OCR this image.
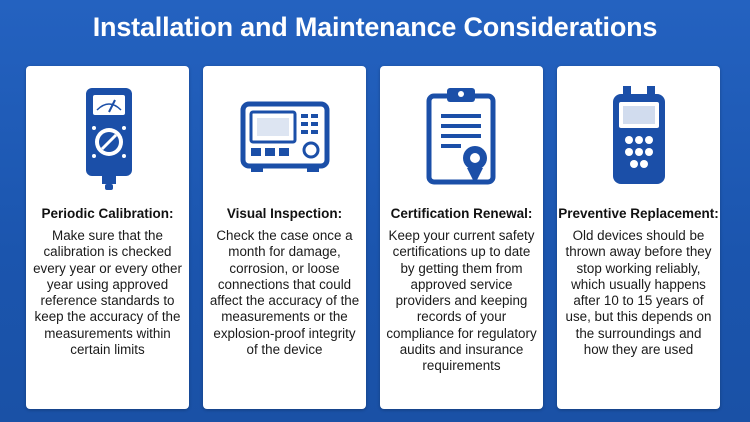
Installation and Maintenance Considerations
Periodic Calibration:
Make sure that the calibration is checked every year or every other year using approved reference standards to keep the accuracy of the measurements within certain limits
Visual Inspection:
Check the case once a month for damage, corrosion, or loose connections that could affect the accuracy of the measurements or the explosion-proof integrity of the device
Certification Renewal:
Keep your current safety certifications up to date by getting them from approved service providers and keeping records of your compliance for regulatory audits and insurance requirements
Preventive Replacement:
Old devices should be thrown away before they stop working reliably, which usually happens after 10 to 15 years of use, but this depends on the surroundings and how they are used
